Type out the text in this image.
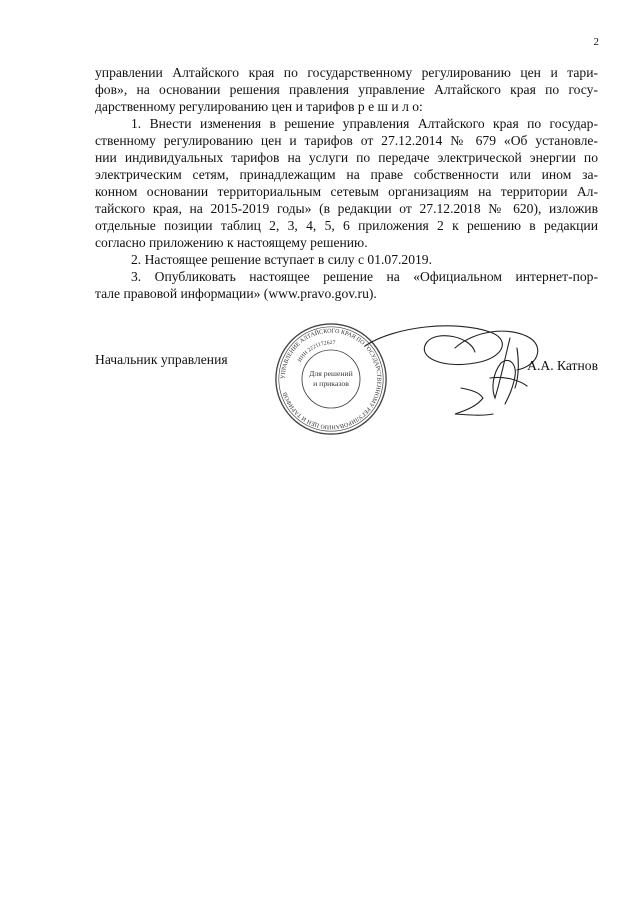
2
управлении Алтайского края по государственному регулированию цен и тари-
фов», на основании решения правления управление Алтайского края по госу-
дарственному регулированию цен и тарифов р е ш и л о:
1. Внести изменения в решение управления Алтайского края по государ-
ственному регулированию цен и тарифов от 27.12.2014 № 679 «Об установле-
нии индивидуальных тарифов на услуги по передаче электрической энергии по
электрическим сетям, принадлежащим на праве собственности или ином за-
конном основании территориальным сетевым организациям на территории Ал-
тайского края, на 2015-2019 годы» (в редакции от 27.12.2018 № 620), изложив
отдельные позиции таблиц 2, 3, 4, 5, 6 приложения 2 к решению в редакции
согласно приложению к настоящему решению.
2. Настоящее решение вступает в силу с 01.07.2019.
3. Опубликовать настоящее решение на «Официальном интернет-пор-
тале правовой информации» (www.pravo.gov.ru).
Начальник управления
УПРАВЛЕНИЕ АЛТАЙСКОГО КРАЯ ПО ГОСУДАРСТВЕННОМУ РЕГУЛИРОВАНИЮ ЦЕН И ТАРИФОВ
ИНН 2221172627
Для решений
и приказов
А.А. Катнов
